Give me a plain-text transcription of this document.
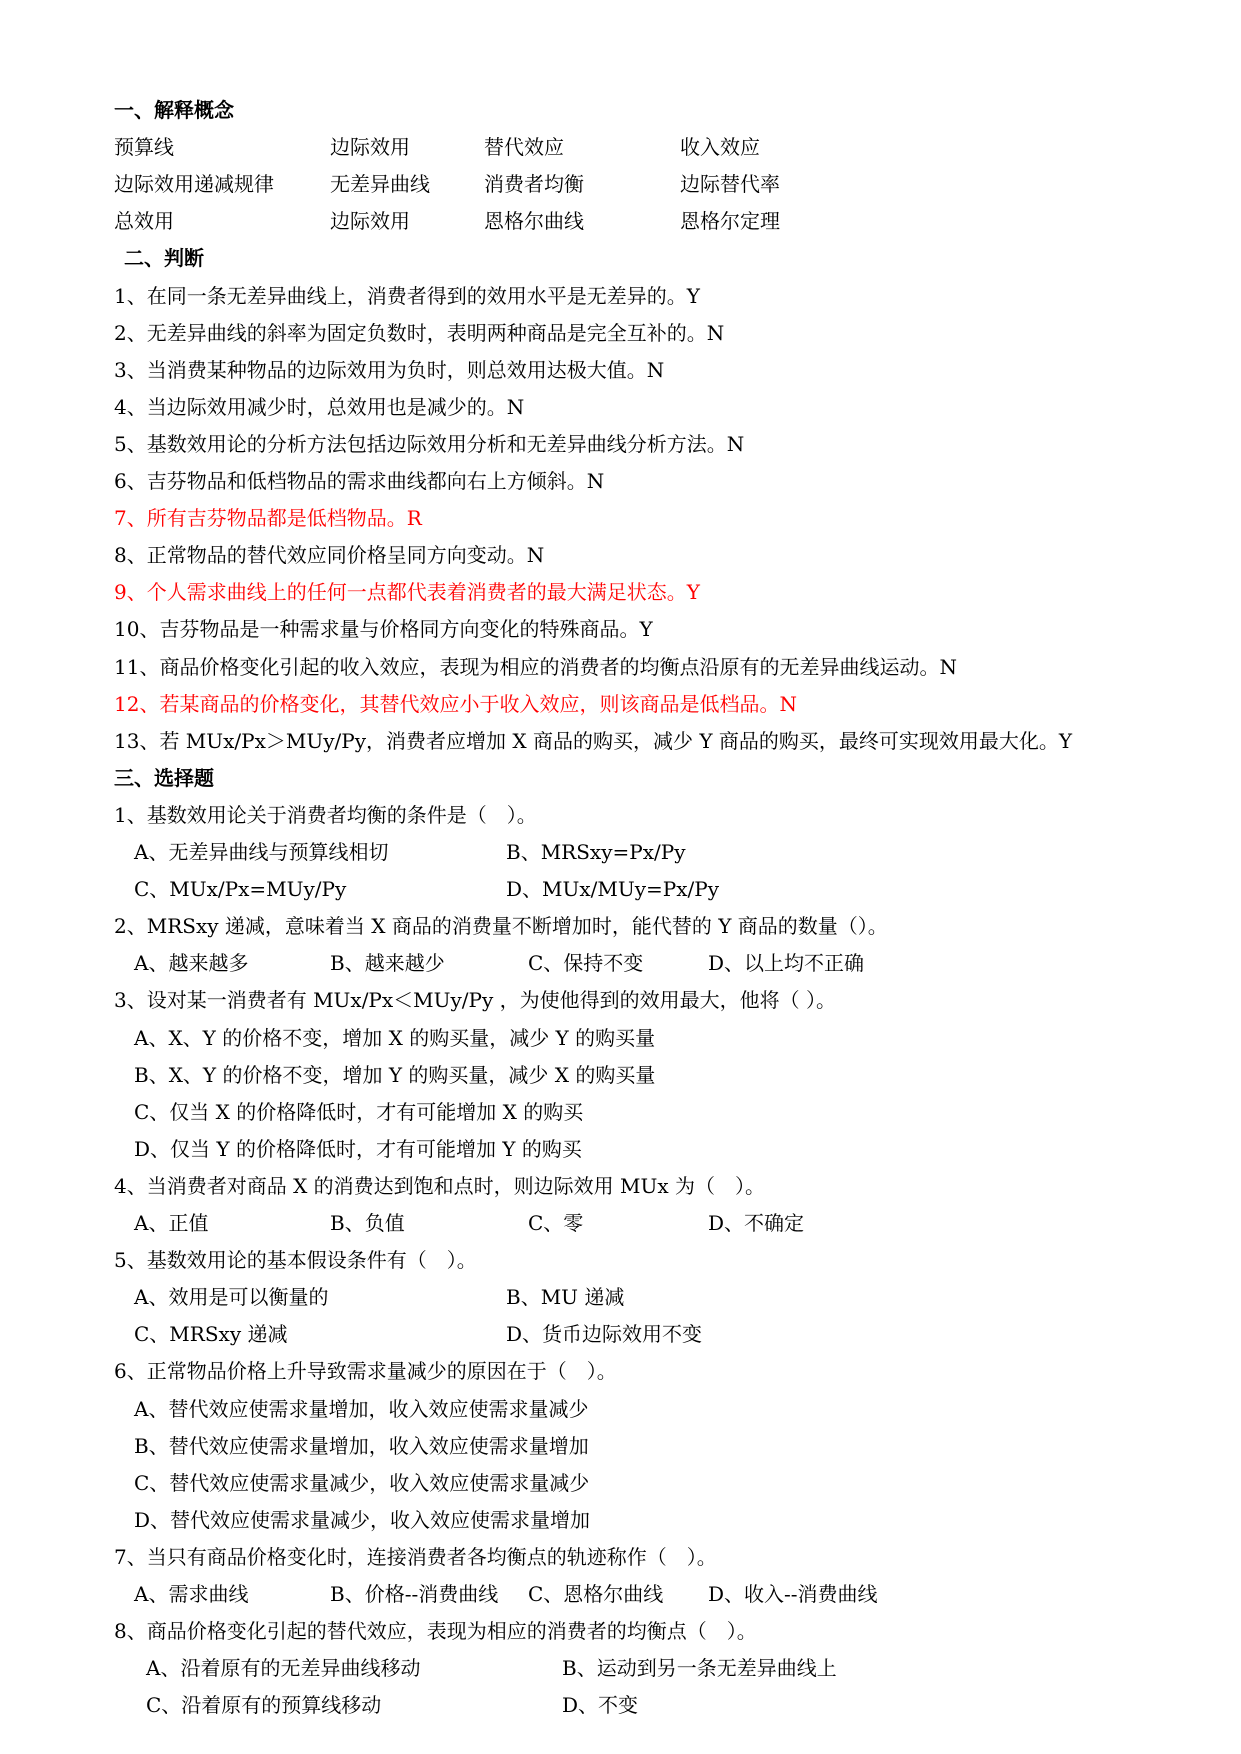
一、解释概念
预算线	边际效用	替代效应	收入效应
边际效用递减规律	无差异曲线	消费者均衡	边际替代率
总效用	边际效用	恩格尔曲线	恩格尔定理
二、判断
1、在同一条无差异曲线上，消费者得到的效用水平是无差异的。Y
2、无差异曲线的斜率为固定负数时，表明两种商品是完全互补的。N
3、当消费某种物品的边际效用为负时，则总效用达极大值。N
4、当边际效用减少时，总效用也是减少的。N
5、基数效用论的分析方法包括边际效用分析和无差异曲线分析方法。N
6、吉芬物品和低档物品的需求曲线都向右上方倾斜。N
7、所有吉芬物品都是低档物品。R
8、正常物品的替代效应同价格呈同方向变动。N
9、个人需求曲线上的任何一点都代表着消费者的最大满足状态。Y
10、吉芬物品是一种需求量与价格同方向变化的特殊商品。Y
11、商品价格变化引起的收入效应，表现为相应的消费者的均衡点沿原有的无差异曲线运动。N
12、若某商品的价格变化，其替代效应小于收入效应，则该商品是低档品。N
13、若 MUx/Px＞MUy/Py，消费者应增加 X 商品的购买，减少 Y 商品的购买，最终可实现效用最大化。Y
三、选择题
1、基数效用论关于消费者均衡的条件是（　）。
A、无差异曲线与预算线相切	B、MRSxy=Px/Py
C、MUx/Px=MUy/Py	D、MUx/MUy=Px/Py
2、MRSxy 递减，意味着当 X 商品的消费量不断增加时，能代替的 Y 商品的数量（）。
A、越来越多	B、越来越少	C、保持不变	D、以上均不正确
3、设对某一消费者有 MUx/Px＜MUy/Py ，为使他得到的效用最大，他将（ ）。
A、X、Y 的价格不变，增加 X 的购买量，减少 Y 的购买量
B、X、Y 的价格不变，增加 Y 的购买量，减少 X 的购买量
C、仅当 X 的价格降低时，才有可能增加 X 的购买
D、仅当 Y 的价格降低时，才有可能增加 Y 的购买
4、当消费者对商品 X 的消费达到饱和点时，则边际效用 MUx 为（　）。
A、正值	B、负值	C、零	D、不确定
5、基数效用论的基本假设条件有（　）。
A、效用是可以衡量的	B、MU 递减
C、MRSxy 递减	D、货币边际效用不变
6、正常物品价格上升导致需求量减少的原因在于（　）。
A、替代效应使需求量增加，收入效应使需求量减少
B、替代效应使需求量增加，收入效应使需求量增加
C、替代效应使需求量减少，收入效应使需求量减少
D、替代效应使需求量减少，收入效应使需求量增加
7、当只有商品价格变化时，连接消费者各均衡点的轨迹称作（　）。
A、需求曲线	B、价格--消费曲线 C、恩格尔曲线 D、收入--消费曲线
8、商品价格变化引起的替代效应，表现为相应的消费者的均衡点（　）。
A、沿着原有的无差异曲线移动	B、运动到另一条无差异曲线上
C、沿着原有的预算线移动	D、不变
